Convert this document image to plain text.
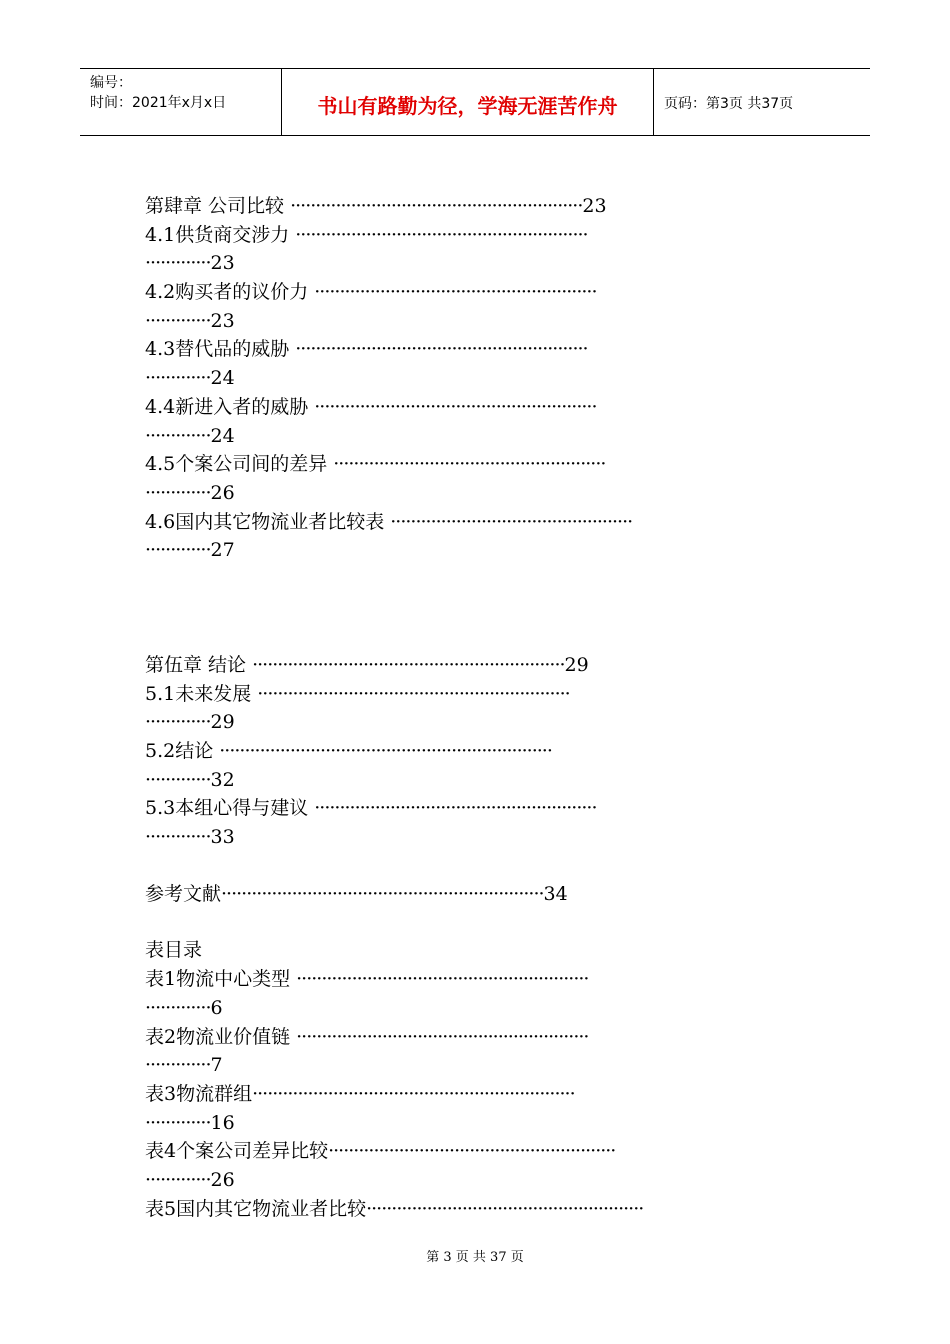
编号：
时间：2021年x月x日	书山有路勤为径，学海无涯苦作舟	页码：第3页 共37页
第肆章 公司比较 ··························································23
4.1供货商交涉力 ··························································
·············23
4.2购买者的议价力 ························································
·············23
4.3替代品的威胁 ··························································
·············24
4.4新进入者的威胁 ························································
·············24
4.5个案公司间的差异 ······················································
·············26
4.6国内其它物流业者比较表 ················································
·············27
第伍章 结论 ······························································29
5.1未来发展 ······························································
·············29
5.2结论 ··································································
·············32
5.3本组心得与建议 ························································
·············33
参考文献································································34
表目录
表1物流中心类型 ··························································
·············6
表2物流业价值链 ··························································
·············7
表3物流群组································································
·············16
表4个案公司差异比较·························································
·············26
表5国内其它物流业者比较·······················································
第 3 页 共 37 页
